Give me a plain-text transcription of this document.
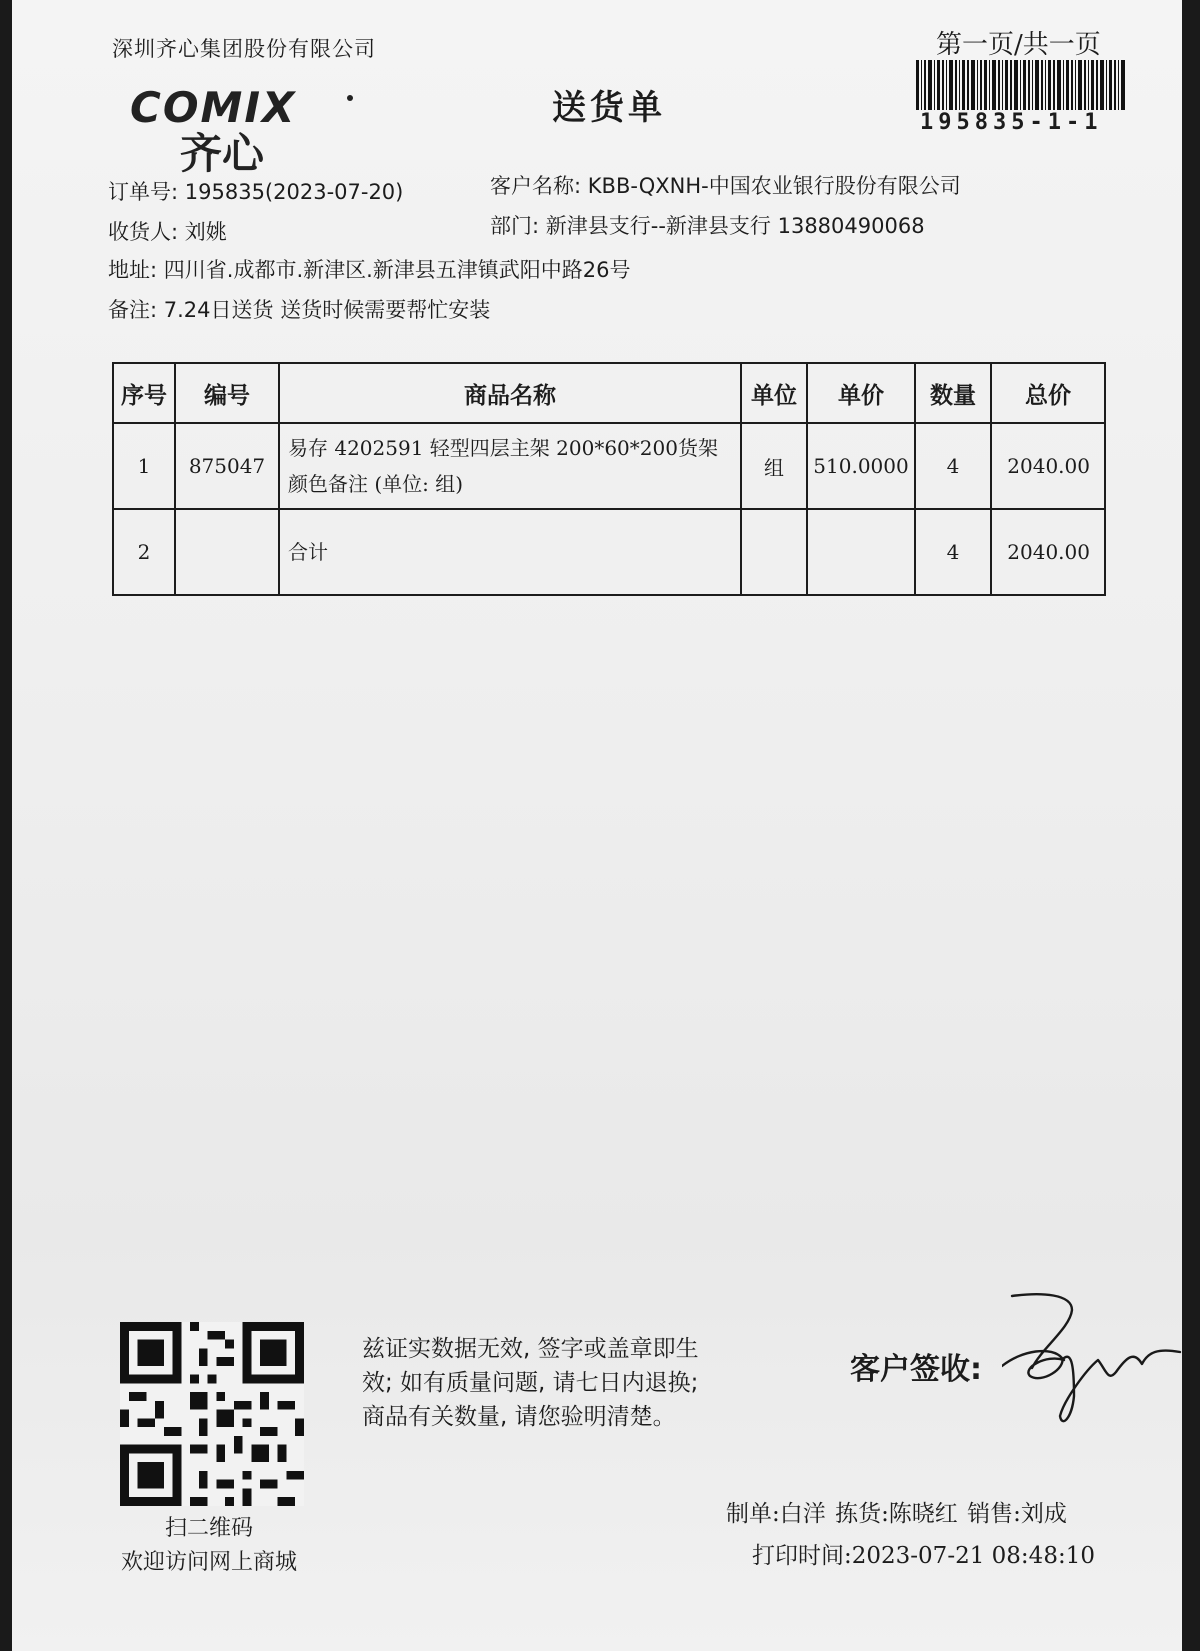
深圳齐心集团股份有限公司
COMIX
齐心
送货单
第一页/共一页
195835-1-1
订单号: 195835(2023-07-20)	客户名称: KBB-QXNH-中国农业银行股份有限公司
收货人: 刘姚	部门: 新津县支行--新津县支行 13880490068
地址: 四川省.成都市.新津区.新津县五津镇武阳中路26号
备注: 7.24日送货 送货时候需要帮忙安装
序号	编号	商品名称	单位	单价	数量	总价
1	875047	易存 4202591 轻型四层主架 200*60*200货架 颜色备注 (单位: 组)	组	510.0000	4	2040.00
2		合计			4	2040.00
扫二维码
欢迎访问网上商城
兹证实数据无效, 签字或盖章即生
效; 如有质量问题, 请七日内退换;
商品有关数量, 请您验明清楚。
客户签收:
制单:白洋 拣货:陈晓红 销售:刘成
打印时间:2023-07-21 08:48:10
